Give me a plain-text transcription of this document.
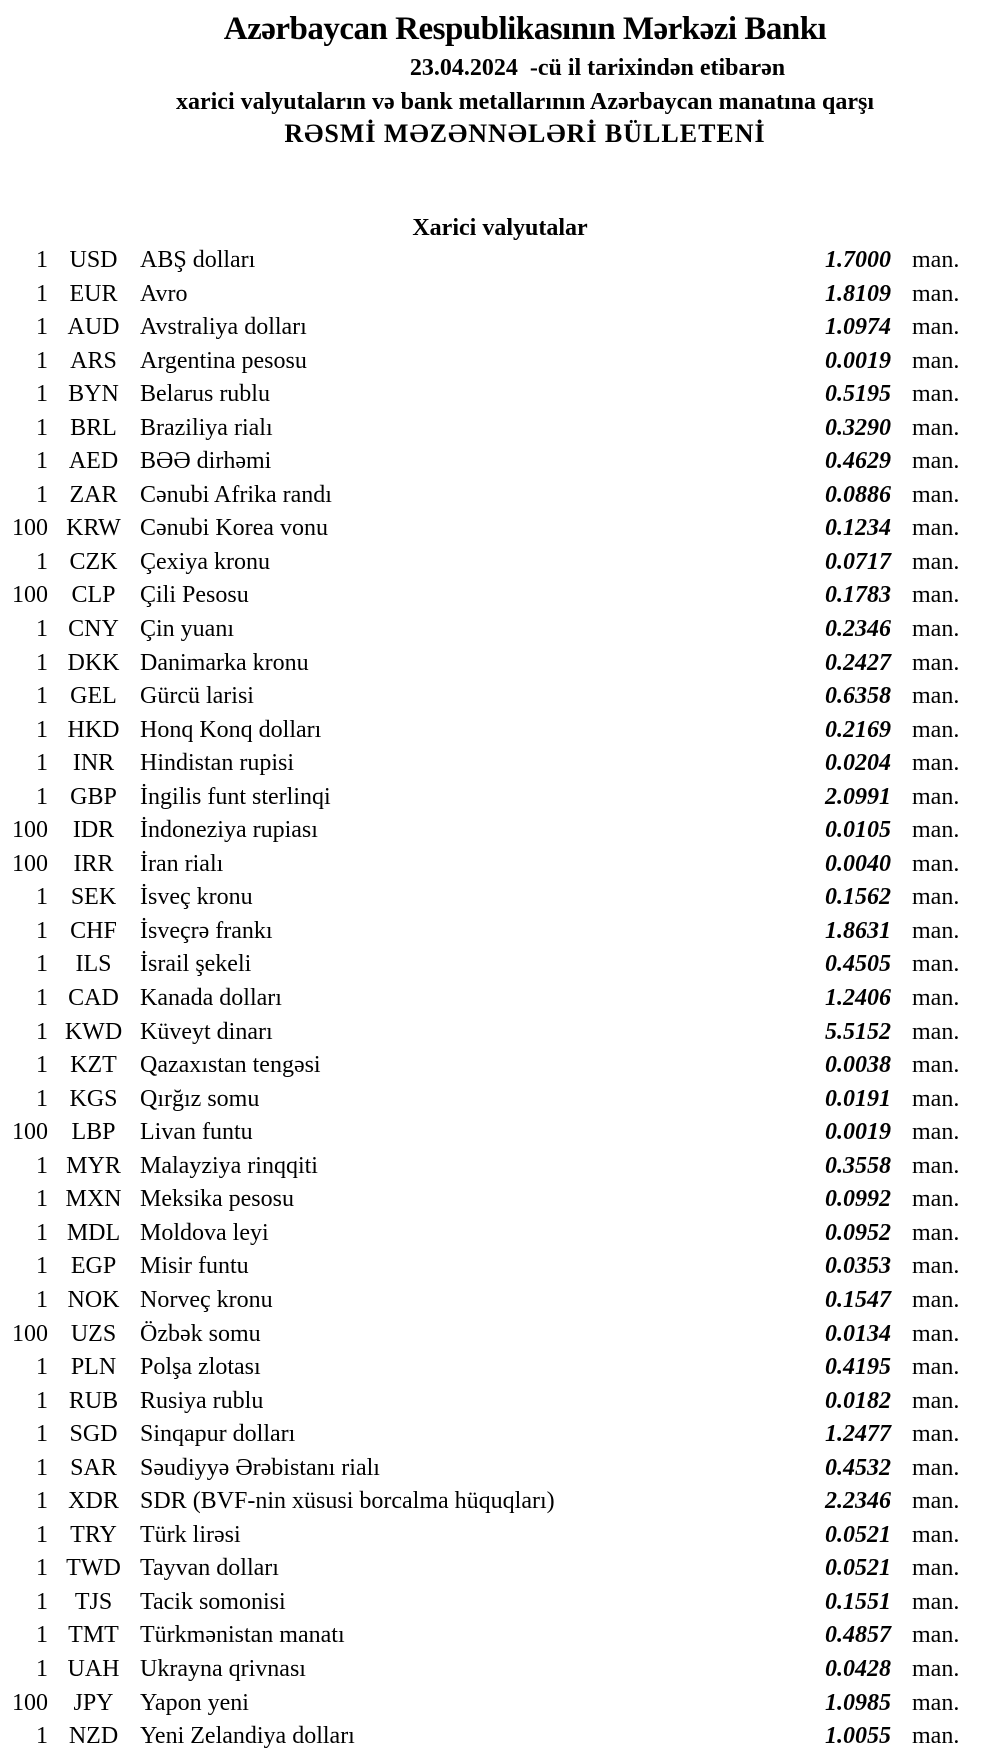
Azərbaycan Respublikasının Mərkəzi Bankı
23.04.2024  -cü il tarixindən etibarən
xarici valyutaların və bank metallarının Azərbaycan manatına qarşı
RƏSMİ MƏZƏNNƏLƏRİ BÜLLETENİ
Xarici valyutalar
1 USD ABŞ dolları	1.7000 man.
1 EUR Avro	1.8109 man.
1 AUD Avstraliya dolları	1.0974 man.
1 ARS Argentina pesosu	0.0019 man.
1 BYN Belarus rublu	0.5195 man.
1 BRL Braziliya rialı	0.3290 man.
1 AED BƏƏ dirhəmi	0.4629 man.
1 ZAR Cənubi Afrika randı	0.0886 man.
100 KRW Cənubi Korea vonu	0.1234 man.
1 CZK Çexiya kronu	0.0717 man.
100 CLP	Çili Pesosu	0.1783 man.
1 CNY Çin yuanı	0.2346 man.
1 DKK Danimarka kronu	0.2427 man.
1 GEL Gürcü larisi	0.6358 man.
1 HKD Honq Konq dolları	0.2169 man.
1	INR	Hindistan rupisi	0.0204 man.
1 GBP İngilis funt sterlinqi	2.0991 man.
100	IDR	İndoneziya rupiası	0.0105 man.
100	IRR	İran rialı	0.0040 man.
1 SEK İsveç kronu	0.1562 man.
1 CHF İsveçrə frankı	1.8631 man.
1	ILS	İsrail şekeli	0.4505 man.
1 CAD Kanada dolları	1.2406 man.
1 KWD Küveyt dinarı	5.5152 man.
1 KZT Qazaxıstan tengəsi	0.0038 man.
1 KGS Qırğız somu	0.0191 man.
100 LBP	Livan funtu	0.0019 man.
1 MYR Malayziya rinqqiti	0.3558 man.
1 MXN Meksika pesosu	0.0992 man.
1 MDL Moldova leyi	0.0952 man.
1 EGP Misir funtu	0.0353 man.
1 NOK Norveç kronu	0.1547 man.
100 UZS Özbək somu	0.0134 man.
1 PLN Polşa zlotası	0.4195 man.
1 RUB Rusiya rublu	0.0182 man.
1 SGD Sinqapur dolları	1.2477 man.
1 SAR Səudiyyə Ərəbistanı rialı	0.4532 man.
1 XDR SDR (BVF-nin xüsusi borcalma hüquqları)	2.2346 man.
1 TRY Türk lirəsi	0.0521 man.
1 TWD Tayvan dolları	0.0521 man.
1	TJS	Tacik somonisi	0.1551 man.
1 TMT Türkmənistan manatı	0.4857 man.
1 UAH Ukrayna qrivnası	0.0428 man.
100	JPY	Yapon yeni	1.0985 man.
1 NZD Yeni Zelandiya dolları	1.0055 man.
